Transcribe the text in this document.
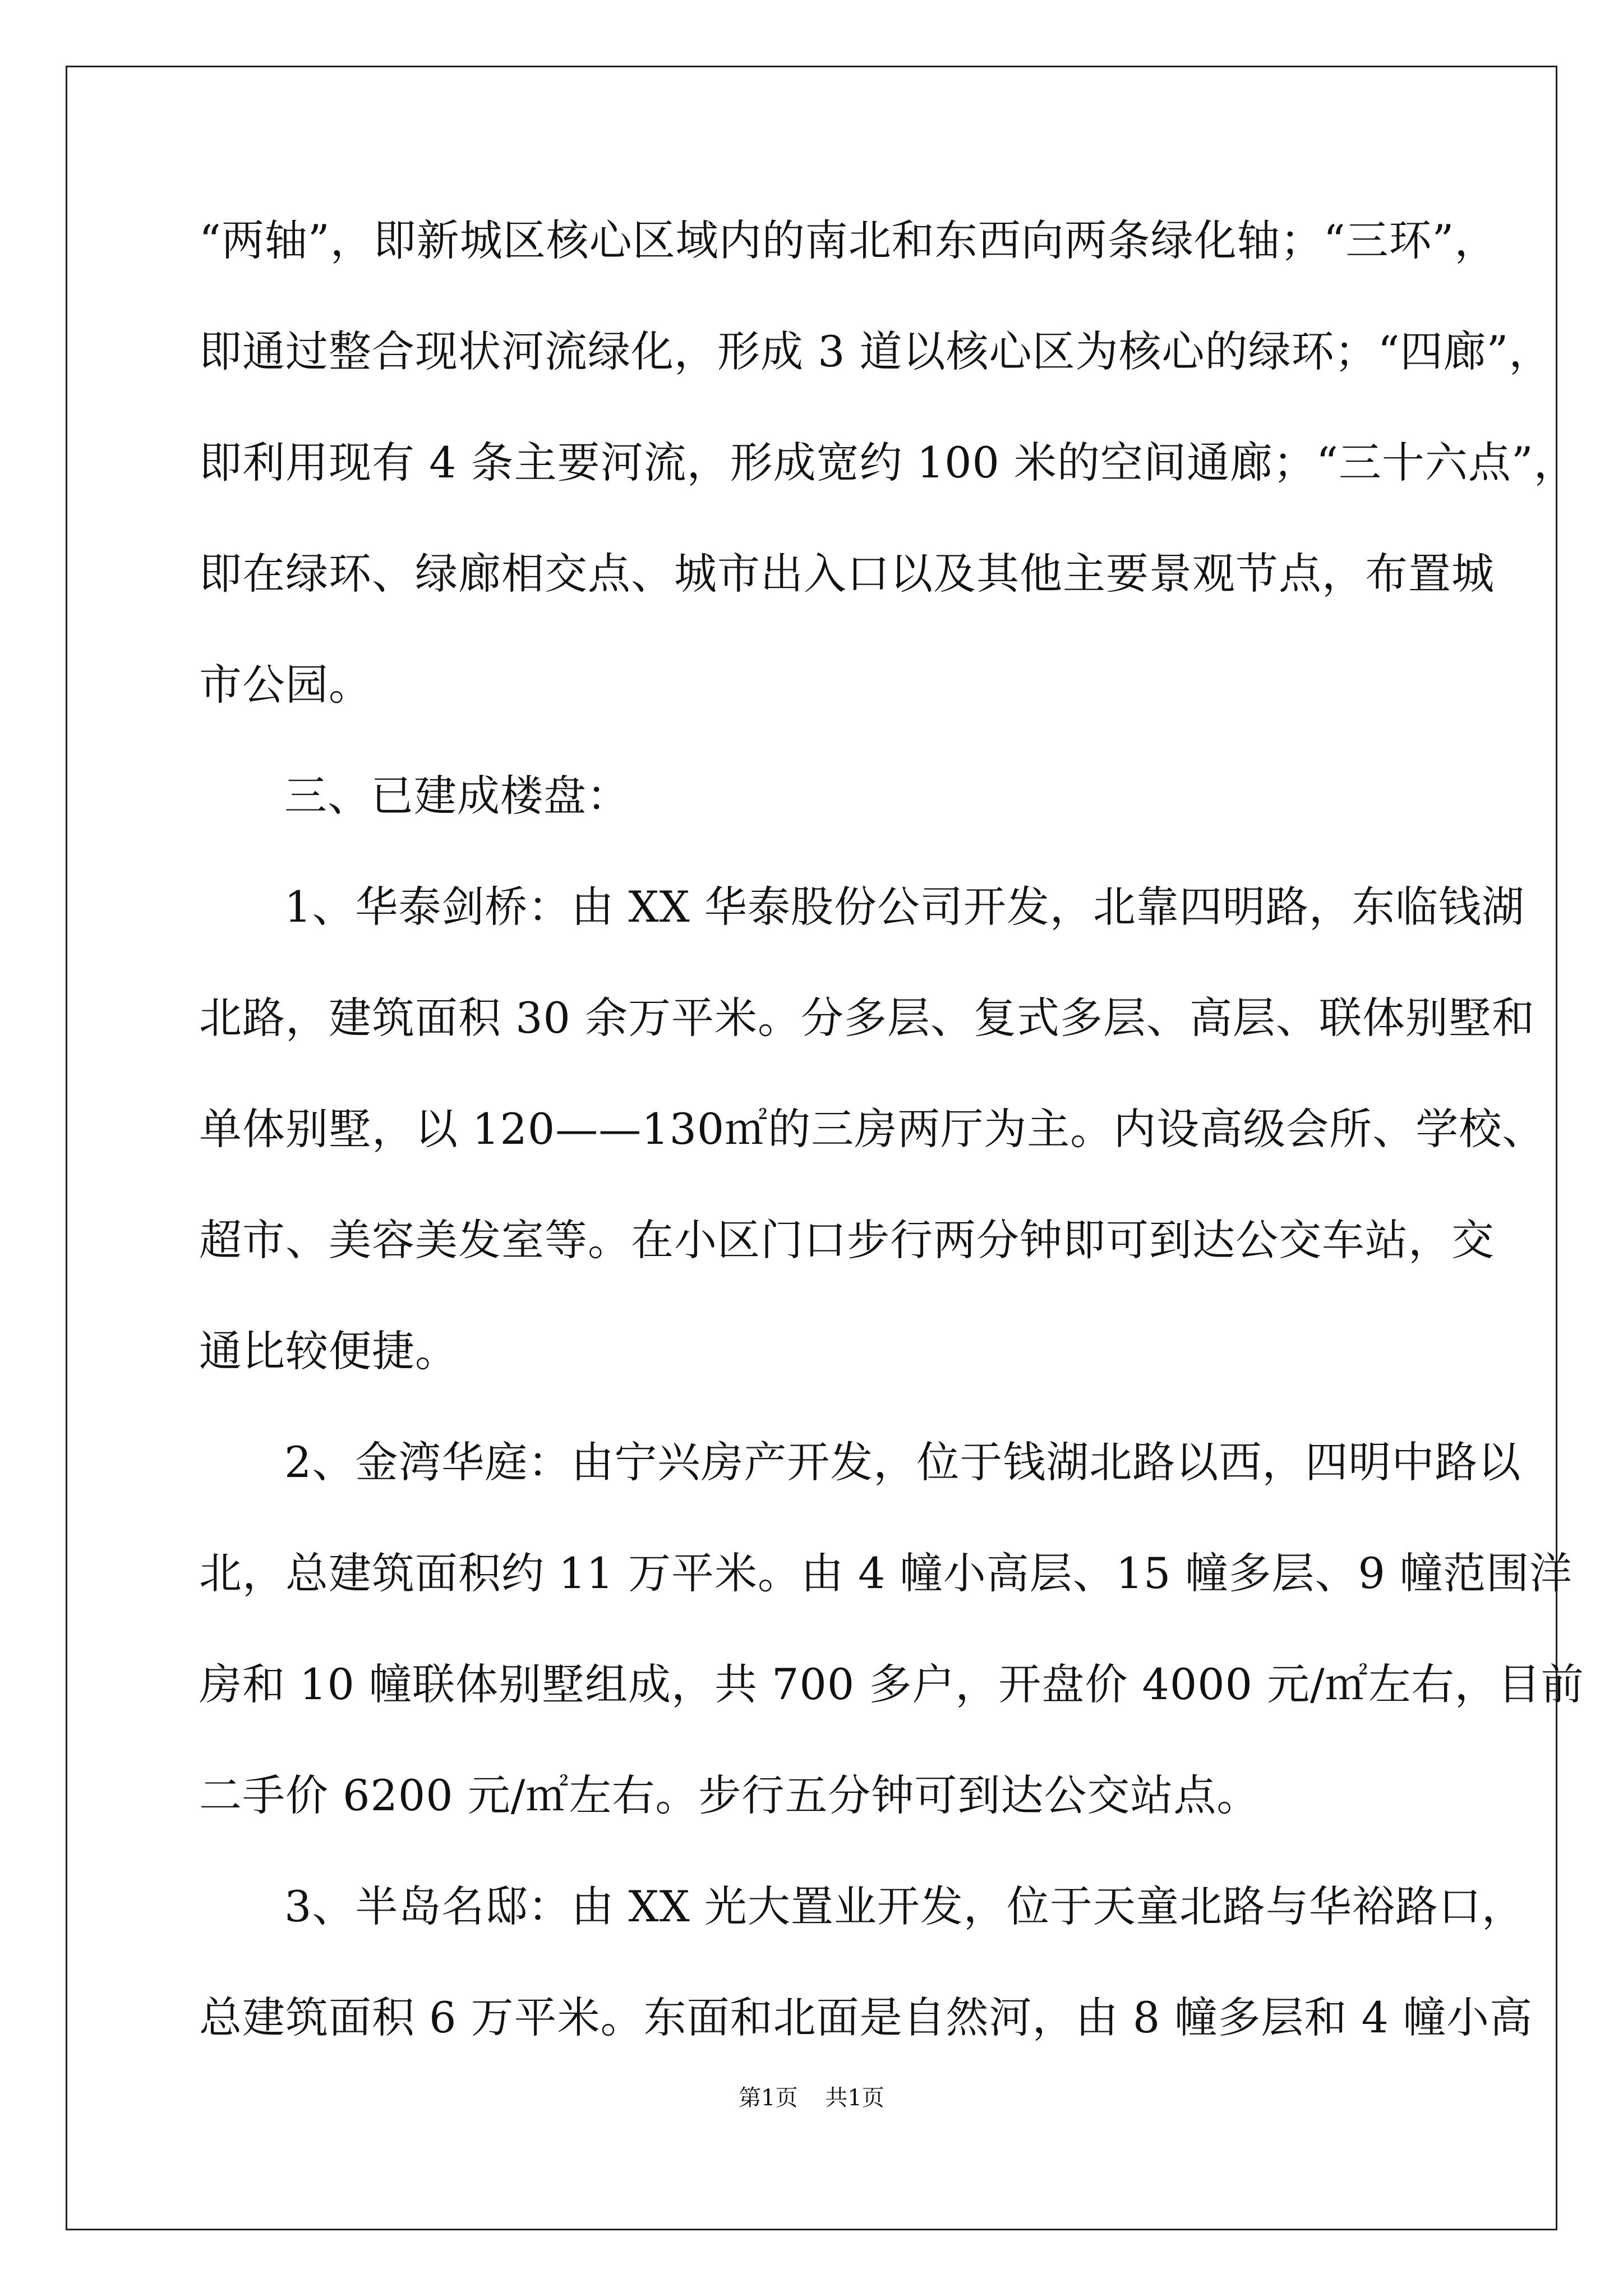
“两轴”，即新城区核心区域内的南北和东西向两条绿化轴；“三环”，
即通过整合现状河流绿化，形成 3 道以核心区为核心的绿环；“四廊”，
即利用现有 4 条主要河流，形成宽约 100 米的空间通廊；“三十六点”，
即在绿环、绿廊相交点、城市出入口以及其他主要景观节点，布置城
市公园。
三、已建成楼盘：
1、华泰剑桥：由 XX 华泰股份公司开发，北靠四明路，东临钱湖
北路，建筑面积 30 余万平米。分多层、复式多层、高层、联体别墅和
单体别墅，以 120——130㎡的三房两厅为主。内设高级会所、学校、
超市、美容美发室等。在小区门口步行两分钟即可到达公交车站，交
通比较便捷。
2、金湾华庭：由宁兴房产开发，位于钱湖北路以西，四明中路以
北，总建筑面积约 11 万平米。由 4 幢小高层、15 幢多层、9 幢范围洋
房和 10 幢联体别墅组成，共 700 多户，开盘价 4000 元/㎡左右，目前
二手价 6200 元/㎡左右。步行五分钟可到达公交站点。
3、半岛名邸：由 XX 光大置业开发，位于天童北路与华裕路口，
总建筑面积 6 万平米。东面和北面是自然河，由 8 幢多层和 4 幢小高
第1页 共1页
